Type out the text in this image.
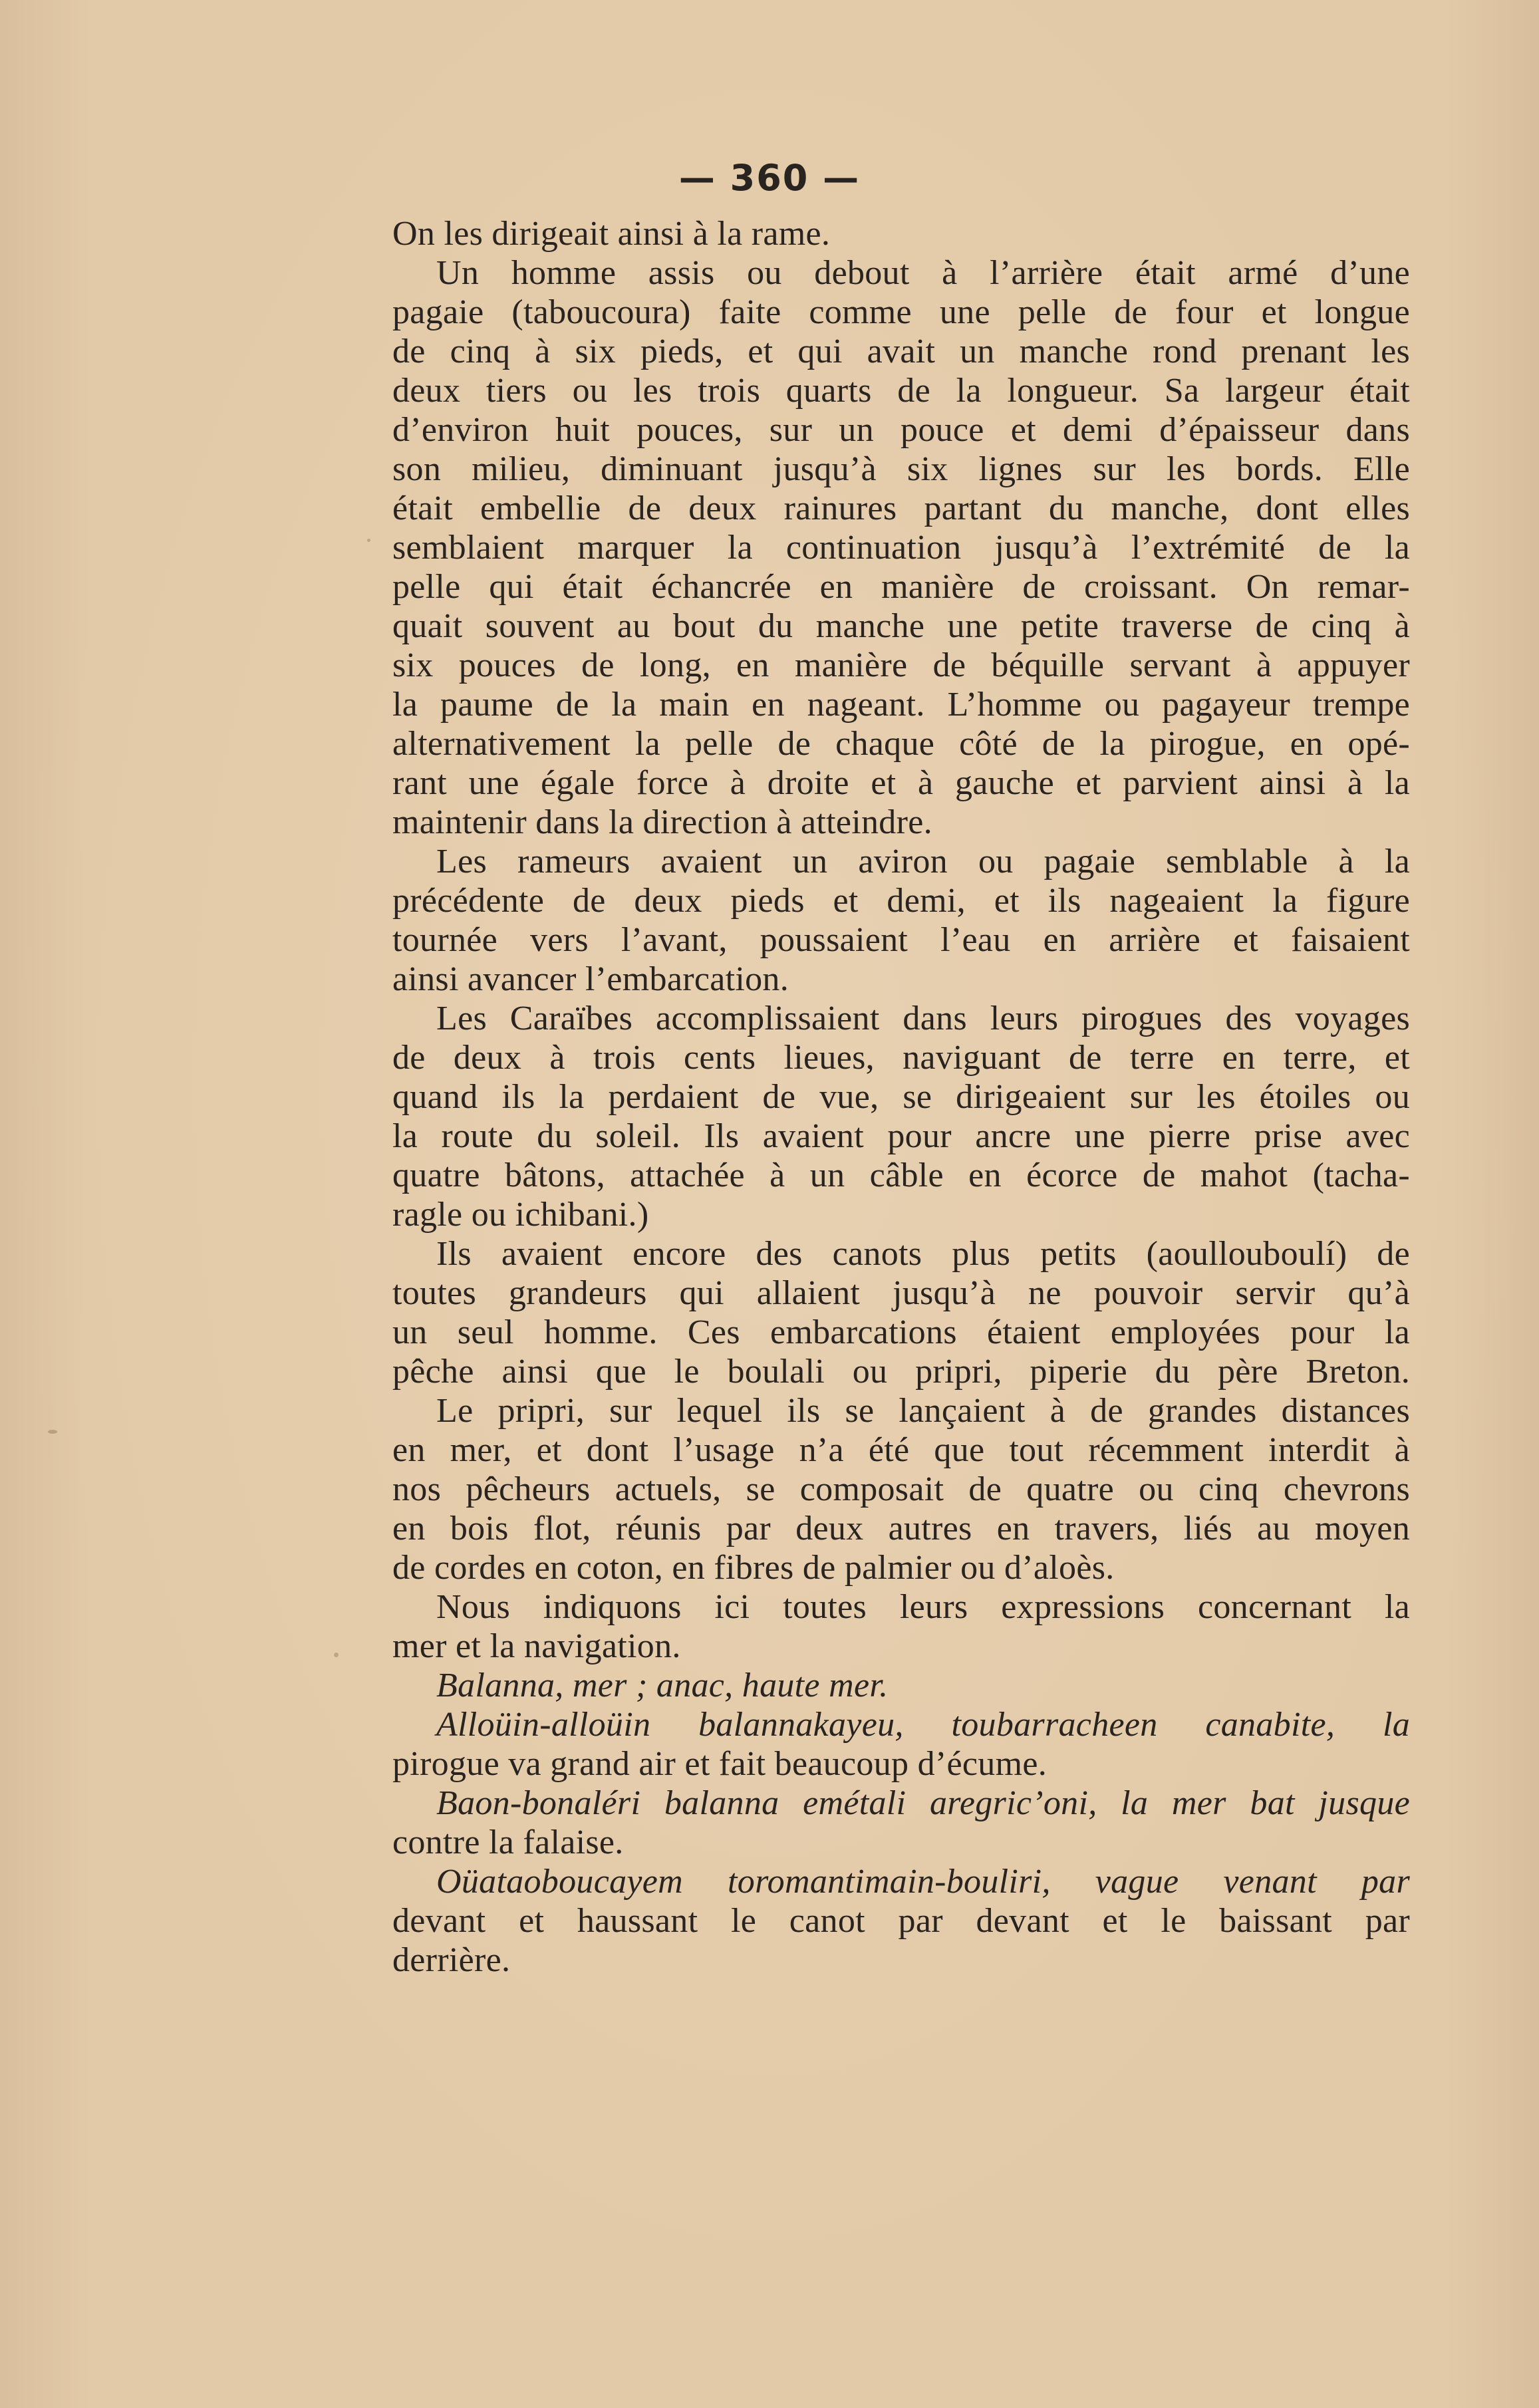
— 360 —
On les dirigeait ainsi à la rame.
Un homme assis ou debout à l’arrière était armé d’une
pagaie (taboucoura) faite comme une pelle de four et longue
de cinq à six pieds, et qui avait un manche rond prenant les
deux tiers ou les trois quarts de la longueur. Sa largeur était
d’environ huit pouces, sur un pouce et demi d’épaisseur dans
son milieu, diminuant jusqu’à six lignes sur les bords. Elle
était embellie de deux rainures partant du manche, dont elles
semblaient marquer la continuation jusqu’à l’extrémité de la
pelle qui était échancrée en manière de croissant. On remar-
quait souvent au bout du manche une petite traverse de cinq à
six pouces de long, en manière de béquille servant à appuyer
la paume de la main en nageant. L’homme ou pagayeur trempe
alternativement la pelle de chaque côté de la pirogue, en opé-
rant une égale force à droite et à gauche et parvient ainsi à la
maintenir dans la direction à atteindre.
Les rameurs avaient un aviron ou pagaie semblable à la
précédente de deux pieds et demi, et ils nageaient la figure
tournée vers l’avant, poussaient l’eau en arrière et faisaient
ainsi avancer l’embarcation.
Les Caraïbes accomplissaient dans leurs pirogues des voyages
de deux à trois cents lieues, naviguant de terre en terre, et
quand ils la perdaient de vue, se dirigeaient sur les étoiles ou
la route du soleil. Ils avaient pour ancre une pierre prise avec
quatre bâtons, attachée à un câble en écorce de mahot (tacha-
ragle ou ichibani.)
Ils avaient encore des canots plus petits (aoullouboulí) de
toutes grandeurs qui allaient jusqu’à ne pouvoir servir qu’à
un seul homme. Ces embarcations étaient employées pour la
pêche ainsi que le boulali ou pripri, piperie du père Breton.
Le pripri, sur lequel ils se lançaient à de grandes distances
en mer, et dont l’usage n’a été que tout récemment interdit à
nos pêcheurs actuels, se composait de quatre ou cinq chevrons
en bois flot, réunis par deux autres en travers, liés au moyen
de cordes en coton, en fibres de palmier ou d’aloès.
Nous indiquons ici toutes leurs expressions concernant la
mer et la navigation.
Balanna, mer ; anac, haute mer.
Alloüin-alloüin balannakayeu, toubarracheen canabite, la
pirogue va grand air et fait beaucoup d’écume.
Baon-bonaléri balanna emétali aregric’oni, la mer bat jusque
contre la falaise.
Oüataoboucayem toromantimain-bouliri, vague venant par
devant et haussant le canot par devant et le baissant par
derrière.
